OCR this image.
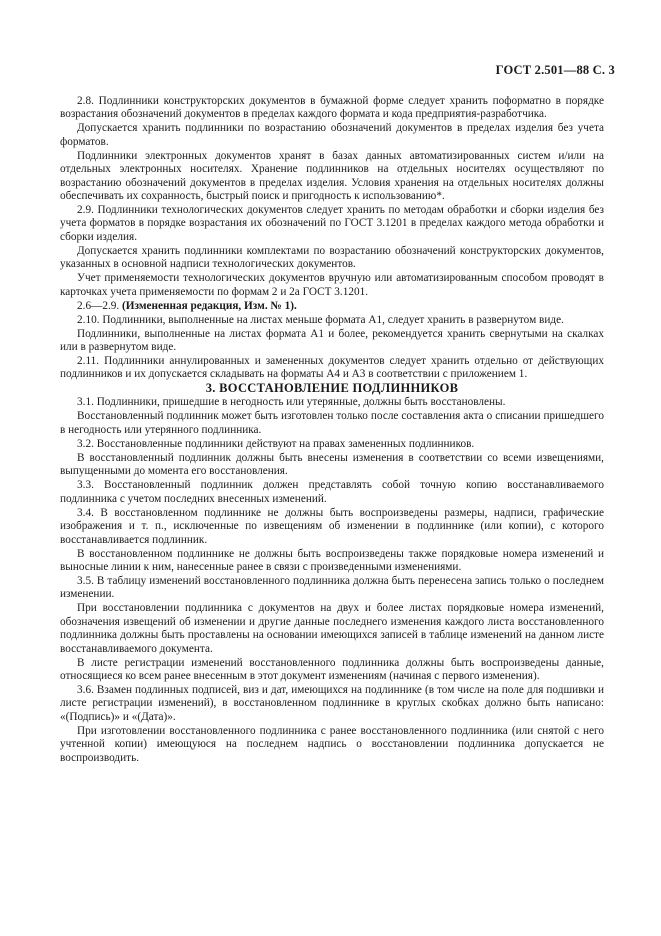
ГОСТ 2.501—88 С. 3

2.8. Подлинники конструкторских документов в бумажной форме следует хранить поформатно в порядке возрастания обозначений документов в пределах каждого формата и кода предприятия-разработчика.

Допускается хранить подлинники по возрастанию обозначений документов в пределах изделия без учета форматов.

Подлинники электронных документов хранят в базах данных автоматизированных систем и/или на отдельных электронных носителях. Хранение подлинников на отдельных носителях осуществляют по возрастанию обозначений документов в пределах изделия. Условия хранения на отдельных носителях должны обеспечивать их сохранность, быстрый поиск и пригодность к использованию*.

2.9. Подлинники технологических документов следует хранить по методам обработки и сборки изделия без учета форматов в порядке возрастания их обозначений по ГОСТ 3.1201 в пределах каждого метода обработки и сборки изделия.

Допускается хранить подлинники комплектами по возрастанию обозначений конструкторских документов, указанных в основной надписи технологических документов.

Учет применяемости технологических документов вручную или автоматизированным способом проводят в карточках учета применяемости по формам 2 и 2а ГОСТ 3.1201.

2.6—2.9. (Измененная редакция, Изм. № 1).

2.10. Подлинники, выполненные на листах меньше формата А1, следует хранить в развернутом виде.

Подлинники, выполненные на листах формата А1 и более, рекомендуется хранить свернутыми на скалках или в развернутом виде.

2.11. Подлинники аннулированных и замененных документов следует хранить отдельно от действующих подлинников и их допускается складывать на форматы А4 и А3 в соответствии с приложением 1.

3. ВОССТАНОВЛЕНИЕ ПОДЛИННИКОВ

3.1. Подлинники, пришедшие в негодность или утерянные, должны быть восстановлены.

Восстановленный подлинник может быть изготовлен только после составления акта о списании пришедшего в негодность или утерянного подлинника.

3.2. Восстановленные подлинники действуют на правах замененных подлинников.

В восстановленный подлинник должны быть внесены изменения в соответствии со всеми извещениями, выпущенными до момента его восстановления.

3.3. Восстановленный подлинник должен представлять собой точную копию восстанавливаемого подлинника с учетом последних внесенных изменений.

3.4. В восстановленном подлиннике не должны быть воспроизведены размеры, надписи, графические изображения и т. п., исключенные по извещениям об изменении в подлиннике (или копии), с которого восстанавливается подлинник.

В восстановленном подлиннике не должны быть воспроизведены также порядковые номера изменений и выносные линии к ним, нанесенные ранее в связи с произведенными изменениями.

3.5. В таблицу изменений восстановленного подлинника должна быть перенесена запись только о последнем изменении.

При восстановлении подлинника с документов на двух и более листах порядковые номера изменений, обозначения извещений об изменении и другие данные последнего изменения каждого листа восстановленного подлинника должны быть проставлены на основании имеющихся записей в таблице изменений на данном листе восстанавливаемого документа.

В листе регистрации изменений восстановленного подлинника должны быть воспроизведены данные, относящиеся ко всем ранее внесенным в этот документ изменениям (начиная с первого изменения).

3.6. Взамен подлинных подписей, виз и дат, имеющихся на подлиннике (в том числе на поле для подшивки и листе регистрации изменений), в восстановленном подлиннике в круглых скобках должно быть написано: «(Подпись)» и «(Дата)».

При изготовлении восстановленного подлинника с ранее восстановленного подлинника (или снятой с него учтенной копии) имеющуюся на последнем надпись о восстановлении подлинника допускается не воспроизводить.
